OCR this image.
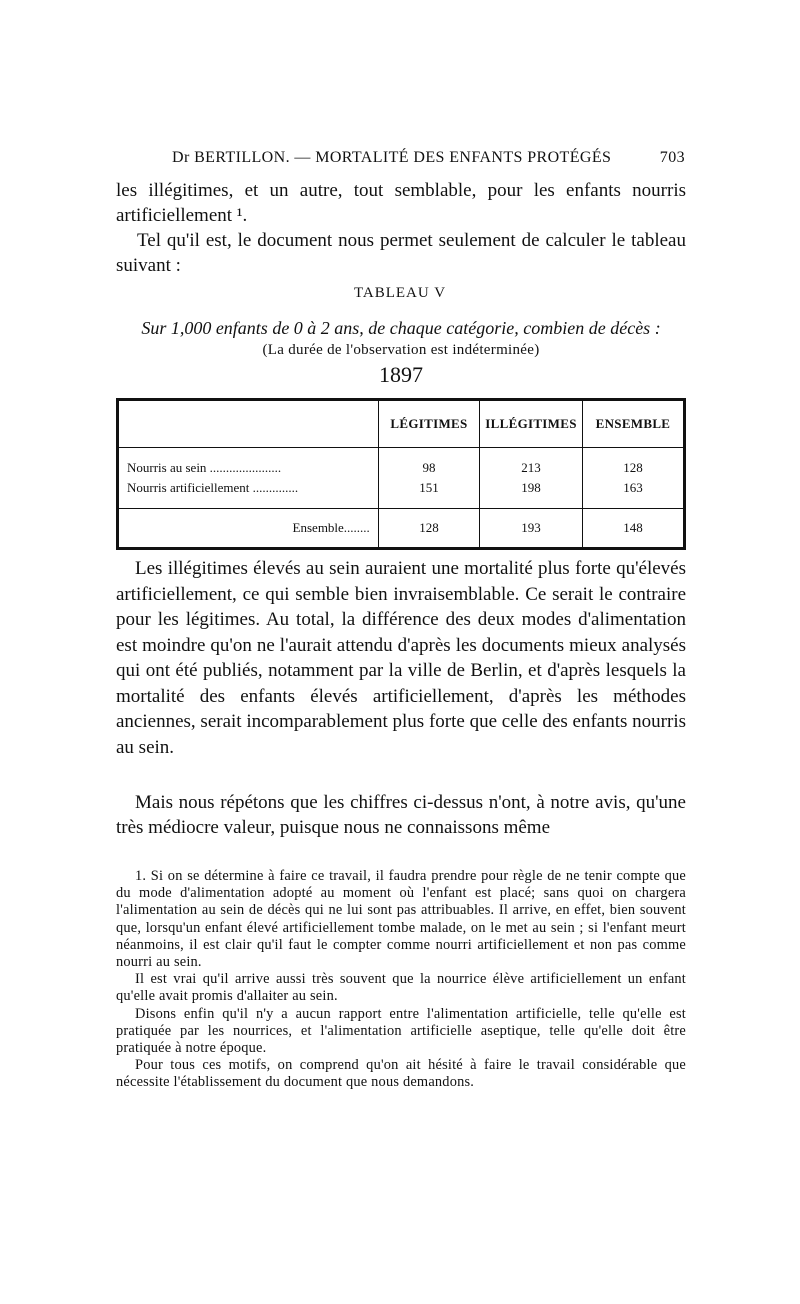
Dr BERTILLON. — MORTALITÉ DES ENFANTS PROTÉGÉS	703

les illégitimes, et un autre, tout semblable, pour les enfants nourris artificiellement ¹.

Tel qu'il est, le document nous permet seulement de calculer le tableau suivant :

TABLEAU V
Sur 1,000 enfants de 0 à 2 ans, de chaque catégorie, combien de décès :
(La durée de l'observation est indéterminée)
1897
	LÉGITIMES	ILLÉGITIMES	ENSEMBLE

Nourris au sein ......................	98	213	128
Nourris artificiellement ..............	151	198	163

Ensemble........	128	193	148

Les illégitimes élevés au sein auraient une mortalité plus forte qu'élevés artificiellement, ce qui semble bien invraisemblable. Ce serait le contraire pour les légitimes. Au total, la différence des deux modes d'alimentation est moindre qu'on ne l'aurait attendu d'après les documents mieux analysés qui ont été publiés, notamment par la ville de Berlin, et d'après lesquels la mortalité des enfants élevés artificiellement, d'après les méthodes anciennes, serait incomparablement plus forte que celle des enfants nourris au sein.

Mais nous répétons que les chiffres ci-dessus n'ont, à notre avis, qu'une très médiocre valeur, puisque nous ne connaissons même

1. Si on se détermine à faire ce travail, il faudra prendre pour règle de ne tenir compte que du mode d'alimentation adopté au moment où l'enfant est placé; sans quoi on chargera l'alimentation au sein de décès qui ne lui sont pas attribuables. Il arrive, en effet, bien souvent que, lorsqu'un enfant élevé artificiellement tombe malade, on le met au sein ; si l'enfant meurt néanmoins, il est clair qu'il faut le compter comme nourri artificiellement et non pas comme nourri au sein.

Il est vrai qu'il arrive aussi très souvent que la nourrice élève artificiellement un enfant qu'elle avait promis d'allaiter au sein.

Disons enfin qu'il n'y a aucun rapport entre l'alimentation artificielle, telle qu'elle est pratiquée par les nourrices, et l'alimentation artificielle aseptique, telle qu'elle doit être pratiquée à notre époque.

Pour tous ces motifs, on comprend qu'on ait hésité à faire le travail considérable que nécessite l'établissement du document que nous demandons.
